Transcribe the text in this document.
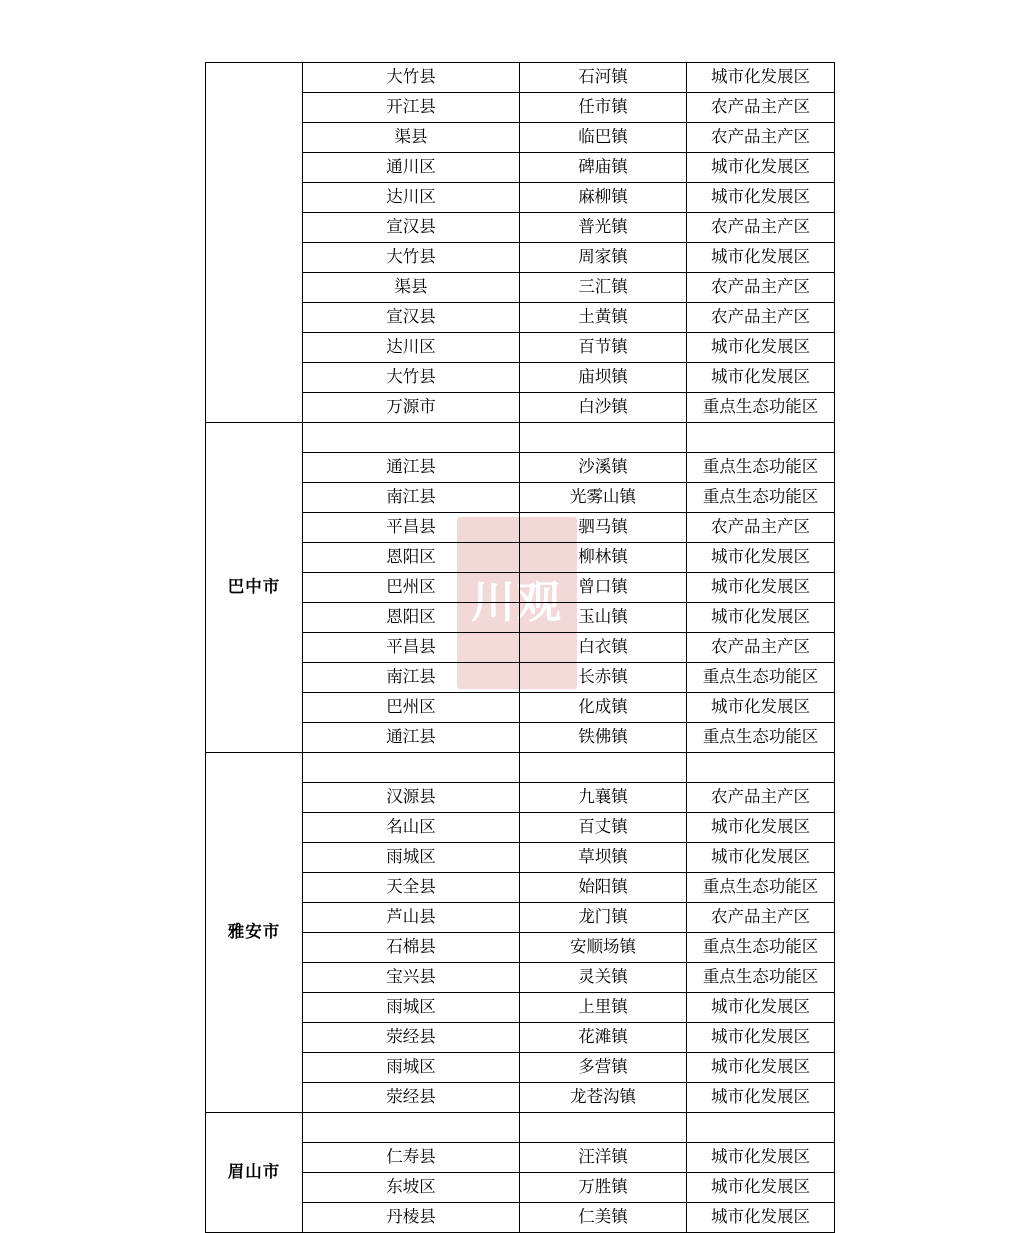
川观
	大竹县	石河镇	城市化发展区
	开江县	任市镇	农产品主产区
	渠县	临巴镇	农产品主产区
	通川区	碑庙镇	城市化发展区
	达川区	麻柳镇	城市化发展区
	宣汉县	普光镇	农产品主产区
	大竹县	周家镇	城市化发展区
	渠县	三汇镇	农产品主产区
	宣汉县	土黄镇	农产品主产区
	达川区	百节镇	城市化发展区
	大竹县	庙坝镇	城市化发展区
	万源市	白沙镇	重点生态功能区
巴中市			
	通江县	沙溪镇	重点生态功能区
	南江县	光雾山镇	重点生态功能区
	平昌县	驷马镇	农产品主产区
	恩阳区	柳林镇	城市化发展区
	巴州区	曾口镇	城市化发展区
	恩阳区	玉山镇	城市化发展区
	平昌县	白衣镇	农产品主产区
	南江县	长赤镇	重点生态功能区
	巴州区	化成镇	城市化发展区
	通江县	铁佛镇	重点生态功能区
雅安市			
	汉源县	九襄镇	农产品主产区
	名山区	百丈镇	城市化发展区
	雨城区	草坝镇	城市化发展区
	天全县	始阳镇	重点生态功能区
	芦山县	龙门镇	农产品主产区
	石棉县	安顺场镇	重点生态功能区
	宝兴县	灵关镇	重点生态功能区
	雨城区	上里镇	城市化发展区
	荥经县	花滩镇	城市化发展区
	雨城区	多营镇	城市化发展区
	荥经县	龙苍沟镇	城市化发展区
眉山市			
	仁寿县	汪洋镇	城市化发展区
	东坡区	万胜镇	城市化发展区
	丹棱县	仁美镇	城市化发展区
